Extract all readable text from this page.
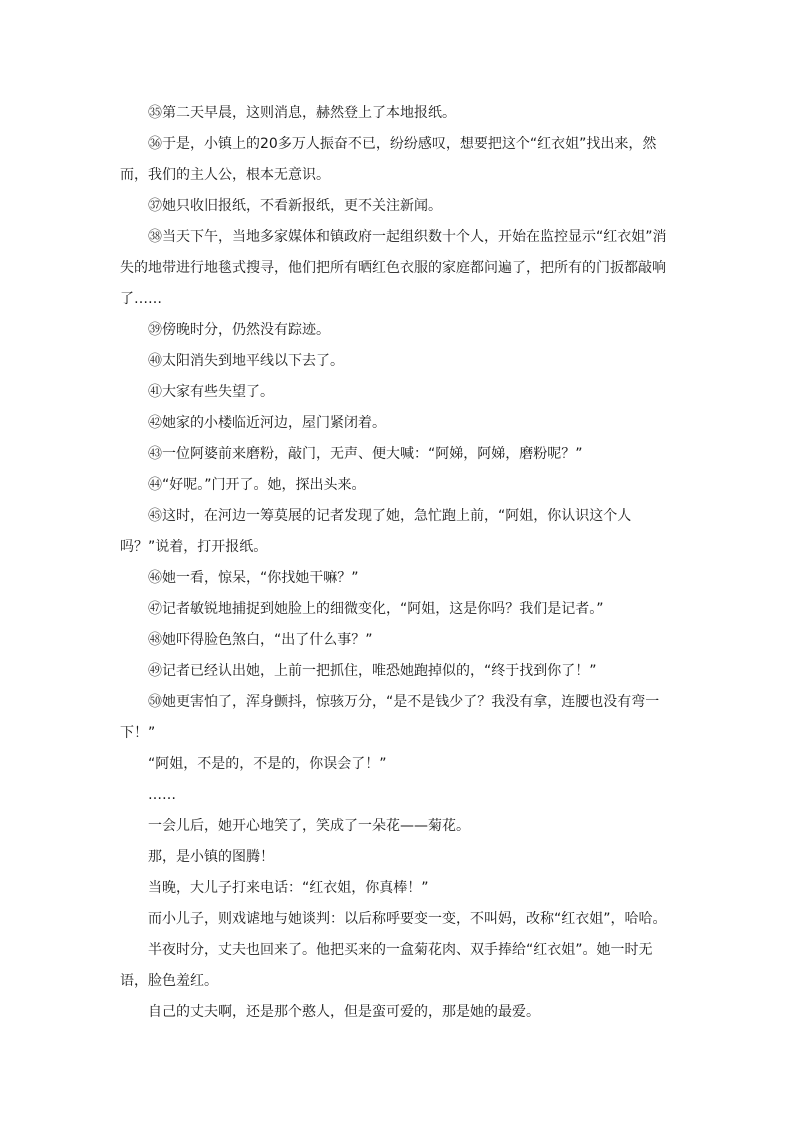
㉟第二天早晨，这则消息，赫然登上了本地报纸。

㊱于是，小镇上的20多万人振奋不已，纷纷感叹，想要把这个“红衣姐”找出来，然而，我们的主人公，根本无意识。

㊲她只收旧报纸，不看新报纸，更不关注新闻。

㊳当天下午，当地多家媒体和镇政府一起组织数十个人，开始在监控显示“红衣姐”消失的地带进行地毯式搜寻，他们把所有晒红色衣服的家庭都问遍了，把所有的门扳都敲响了……

㊴傍晚时分，仍然没有踪迹。

㊵太阳消失到地平线以下去了。

㊶大家有些失望了。

㊷她家的小楼临近河边，屋门紧闭着。

㊸一位阿婆前来磨粉，敲门，无声、便大喊：“阿娣，阿娣，磨粉呢？”

㊹“好呢。”门开了。她，探出头来。

㊺这时，在河边一筹莫展的记者发现了她，急忙跑上前，“阿姐，你认识这个人吗？”说着，打开报纸。

㊻她一看，惊呆，“你找她干嘛？”

㊼记者敏锐地捕捉到她脸上的细微变化，“阿姐，这是你吗？我们是记者。”

㊽她吓得脸色煞白，“出了什么事？”

㊾记者已经认出她，上前一把抓住，唯恐她跑掉似的，“终于找到你了！”

㊿她更害怕了，浑身颤抖，惊骇万分，“是不是钱少了？我没有拿，连腰也没有弯一下！”

“阿姐，不是的，不是的，你误会了！”

……

一会儿后，她开心地笑了，笑成了一朵花——菊花。

那，是小镇的图腾！

当晚，大儿子打来电话：“红衣姐，你真棒！”

而小儿子，则戏谑地与她谈判：以后称呼要变一变，不叫妈，改称“红衣姐”，哈哈。

半夜时分，丈夫也回来了。他把买来的一盒菊花肉、双手捧给“红衣姐”。她一时无语，脸色羞红。

自己的丈夫啊，还是那个憨人，但是蛮可爱的，那是她的最爱。
